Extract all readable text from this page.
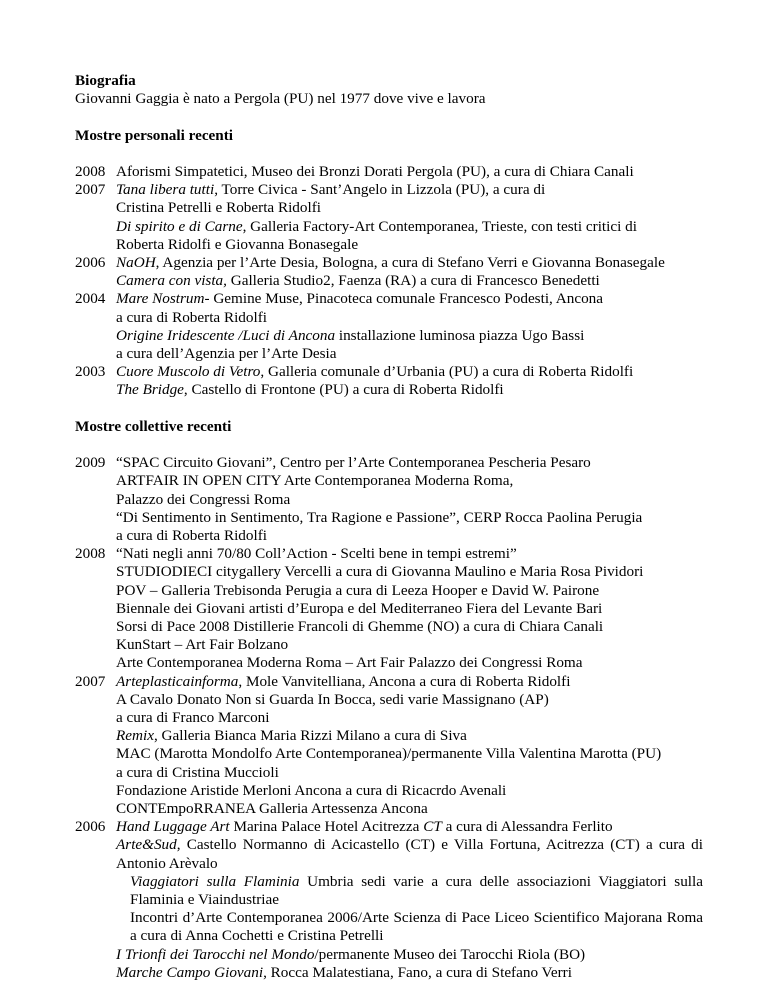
Biografia
Giovanni Gaggia è nato a Pergola (PU) nel 1977 dove vive e lavora
Mostre personali recenti
2008 Aforismi Simpatetici, Museo dei Bronzi Dorati Pergola (PU), a cura di Chiara Canali
2007 Tana libera tutti, Torre Civica - Sant’Angelo in Lizzola (PU), a cura di
Cristina Petrelli e Roberta Ridolfi
Di spirito e di Carne, Galleria Factory-Art Contemporanea, Trieste, con testi critici di
Roberta Ridolfi e Giovanna Bonasegale
2006 NaOH, Agenzia per l’Arte Desia, Bologna, a cura di Stefano Verri e Giovanna Bonasegale
Camera con vista, Galleria Studio2, Faenza (RA) a cura di Francesco Benedetti
2004 Mare Nostrum- Gemine Muse, Pinacoteca comunale Francesco Podesti, Ancona
a cura di Roberta Ridolfi
Origine Iridescente /Luci di Ancona installazione luminosa piazza Ugo Bassi
a cura dell’Agenzia per l’Arte Desia
2003 Cuore Muscolo di Vetro, Galleria comunale d’Urbania (PU) a cura di Roberta Ridolfi
The Bridge, Castello di Frontone (PU) a cura di Roberta Ridolfi
Mostre collettive recenti
2009 “SPAC Circuito Giovani”, Centro per l’Arte Contemporanea Pescheria Pesaro
ARTFAIR IN OPEN CITY Arte Contemporanea Moderna Roma,
Palazzo dei Congressi Roma
“Di Sentimento in Sentimento, Tra Ragione e Passione”, CERP Rocca Paolina Perugia
a cura di Roberta Ridolfi
2008 “Nati negli anni 70/80 Coll’Action - Scelti bene in tempi estremi”
STUDIODIECI citygallery Vercelli a cura di Giovanna Maulino e Maria Rosa Pividori
POV – Galleria Trebisonda Perugia a cura di Leeza Hooper e David W. Pairone
Biennale dei Giovani artisti d’Europa e del Mediterraneo Fiera del Levante Bari
Sorsi di Pace 2008 Distillerie Francoli di Ghemme (NO) a cura di Chiara Canali
KunStart – Art Fair Bolzano
Arte Contemporanea Moderna Roma – Art Fair Palazzo dei Congressi Roma
2007 Arteplasticainforma, Mole Vanvitelliana, Ancona a cura di Roberta Ridolfi
A Cavalo Donato Non si Guarda In Bocca, sedi varie Massignano (AP)
a cura di Franco Marconi
Remix, Galleria Bianca Maria Rizzi Milano a cura di Siva
MAC (Marotta Mondolfo Arte Contemporanea)/permanente Villa Valentina Marotta (PU)
a cura di Cristina Muccioli
Fondazione Aristide Merloni Ancona a cura di Ricacrdo Avenali
CONTEmpoRRANEA Galleria Artessenza Ancona
2006 Hand Luggage Art Marina Palace Hotel Acitrezza CT a cura di Alessandra Ferlito
Arte&Sud, Castello Normanno di Acicastello (CT) e Villa Fortuna, Acitrezza (CT) a cura di Antonio Arèvalo
Viaggiatori sulla Flaminia Umbria sedi varie a cura delle associazioni Viaggiatori sulla Flaminia e Viaindustriae
Incontri d’Arte Contemporanea 2006/Arte Scienza di Pace Liceo Scientifico Majorana Roma a cura di Anna Cochetti e Cristina Petrelli
I Trionfi dei Tarocchi nel Mondo/permanente Museo dei Tarocchi Riola (BO)
Marche Campo Giovani, Rocca Malatestiana, Fano, a cura di Stefano Verri
